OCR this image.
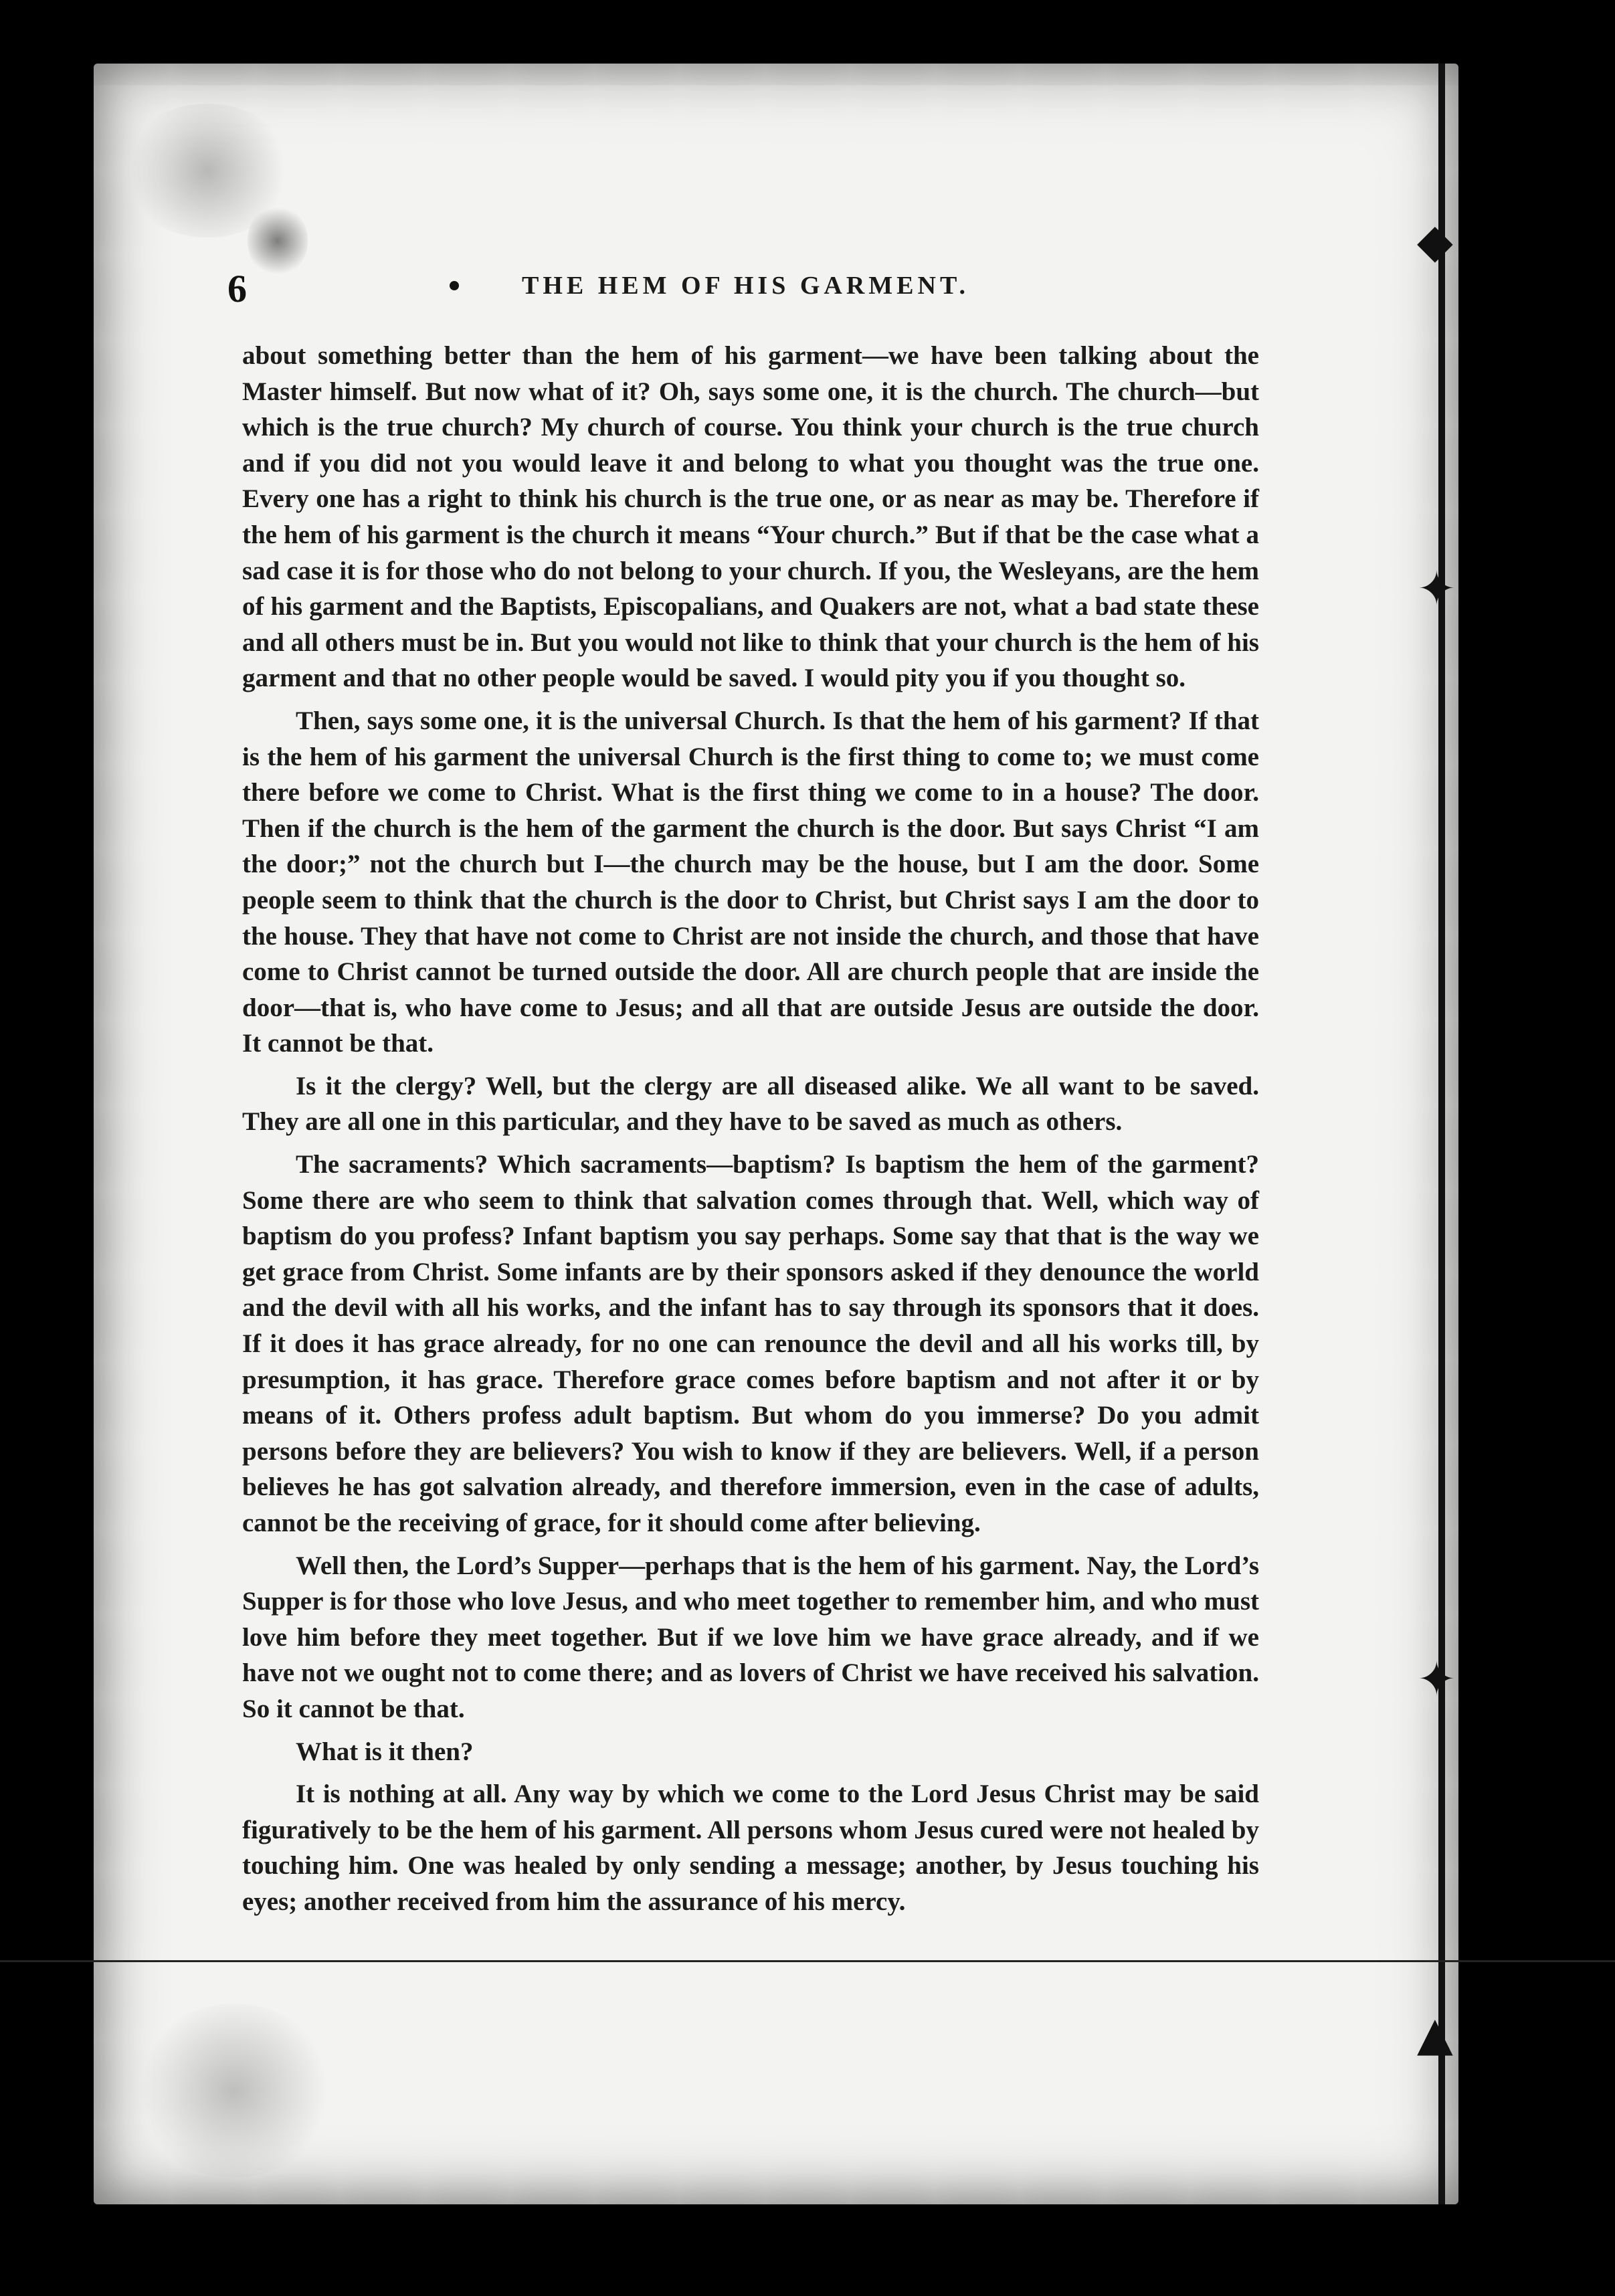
◆
✦
✦
▲
6	THE HEM OF HIS GARMENT.

about something better than the hem of his garment—we have been talking about the Master himself. But now what of it? Oh, says some one, it is the church. The church—but which is the true church? My church of course. You think your church is the true church and if you did not you would leave it and belong to what you thought was the true one. Every one has a right to think his church is the true one, or as near as may be. Therefore if the hem of his garment is the church it means “Your church.” But if that be the case what a sad case it is for those who do not belong to your church. If you, the Wesleyans, are the hem of his garment and the Baptists, Episcopalians, and Quakers are not, what a bad state these and all others must be in. But you would not like to think that your church is the hem of his garment and that no other people would be saved. I would pity you if you thought so.

Then, says some one, it is the universal Church. Is that the hem of his garment? If that is the hem of his garment the universal Church is the first thing to come to; we must come there before we come to Christ. What is the first thing we come to in a house? The door. Then if the church is the hem of the garment the church is the door. But says Christ “I am the door;” not the church but I—the church may be the house, but I am the door. Some people seem to think that the church is the door to Christ, but Christ says I am the door to the house. They that have not come to Christ are not inside the church, and those that have come to Christ cannot be turned outside the door. All are church people that are inside the door—that is, who have come to Jesus; and all that are outside Jesus are outside the door. It cannot be that.

Is it the clergy? Well, but the clergy are all diseased alike. We all want to be saved. They are all one in this particular, and they have to be saved as much as others.

The sacraments? Which sacraments—baptism? Is baptism the hem of the garment? Some there are who seem to think that salvation comes through that. Well, which way of baptism do you profess? Infant baptism you say perhaps. Some say that that is the way we get grace from Christ. Some infants are by their sponsors asked if they denounce the world and the devil with all his works, and the infant has to say through its sponsors that it does. If it does it has grace already, for no one can renounce the devil and all his works till, by presumption, it has grace. Therefore grace comes before baptism and not after it or by means of it. Others profess adult baptism. But whom do you immerse? Do you admit persons before they are believers? You wish to know if they are believers. Well, if a person believes he has got salvation already, and therefore immersion, even in the case of adults, cannot be the receiving of grace, for it should come after believing.

Well then, the Lord’s Supper—perhaps that is the hem of his garment. Nay, the Lord’s Supper is for those who love Jesus, and who meet together to remember him, and who must love him before they meet together. But if we love him we have grace already, and if we have not we ought not to come there; and as lovers of Christ we have received his salvation. So it cannot be that.

What is it then?

It is nothing at all. Any way by which we come to the Lord Jesus Christ may be said figuratively to be the hem of his garment. All persons whom Jesus cured were not healed by touching him. One was healed by only sending a message; another, by Jesus touching his eyes; another received from him the assurance of his mercy.
